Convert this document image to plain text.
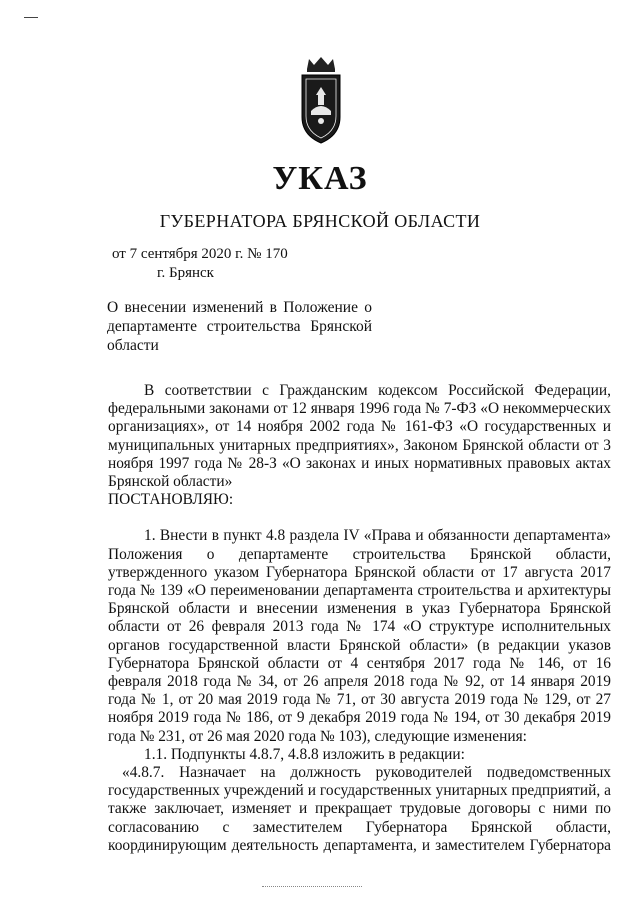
УКАЗ
ГУБЕРНАТОРА БРЯНСКОЙ ОБЛАСТИ
от 7 сентября 2020 г. № 170
г. Брянск
О внесении изменений в Положение о департаменте строительства Брянской области

В соответствии с Гражданским кодексом Российской Федерации, федеральными законами от 12 января 1996 года № 7-ФЗ «О некоммерческих организациях», от 14 ноября 2002 года № 161-ФЗ «О государственных и муниципальных унитарных предприятиях», Законом Брянской области от 3 ноября 1997 года № 28-З «О законах и иных нормативных правовых актах Брянской области»

ПОСТАНОВЛЯЮ:

1. Внести в пункт 4.8 раздела IV «Права и обязанности департамента» Положения о департаменте строительства Брянской области, утвержденного указом Губернатора Брянской области от 17 августа 2017 года № 139 «О переименовании департамента строительства и архитектуры Брянской области и внесении изменения в указ Губернатора Брянской области от 26 февраля 2013 года № 174 «О структуре исполнительных органов государственной власти Брянской области» (в редакции указов Губернатора Брянской области от 4 сентября 2017 года № 146, от 16 февраля 2018 года № 34, от 26 апреля 2018 года № 92, от 14 января 2019 года № 1, от 20 мая 2019 года № 71, от 30 августа 2019 года № 129, от 27 ноября 2019 года № 186, от 9 декабря 2019 года № 194, от 30 декабря 2019 года № 231, от 26 мая 2020 года № 103), следующие изменения:

1.1. Подпункты 4.8.7, 4.8.8 изложить в редакции:

«4.8.7. Назначает на должность руководителей подведомственных государственных учреждений и государственных унитарных предприятий, а также заключает, изменяет и прекращает трудовые договоры с ними по согласованию с заместителем Губернатора Брянской области, координирующим деятельность департамента, и заместителем Губернатора
